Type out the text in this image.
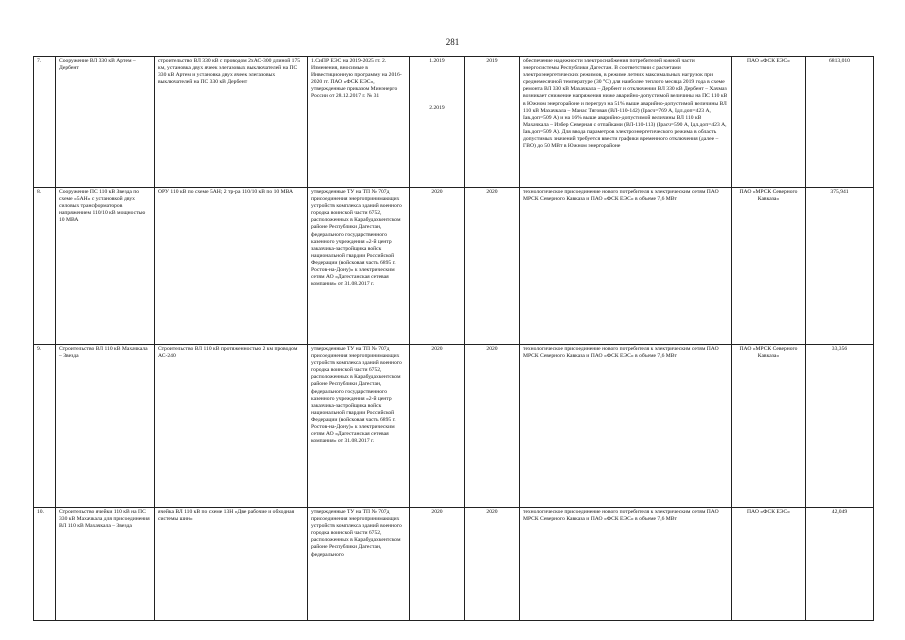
281
7.	Сооружение ВЛ 330 кВ Артем – Дербент	строительство ВЛ 330 кВ с проводом 2хАС-300 длиной 175 км, установка двух ячеек элегазовых выключателей на ПС 330 кВ Артем и установка двух ячеек элегазовых выключателей на ПС 330 кВ Дербент	1.СиПР ЕЭС на 2019-2025 гг. 2. Изменения, вносимые в Инвестиционную программу на 2016-2020 гг. ПАО «ФСК ЕЭС», утвержденные приказом Минэнерго России от 28.12.2017 г. № 31	1.2019
2.2019	2019	обеспечение надежности электроснабжения потребителей южной части энергосистемы Республики Дагестан. В соответствии с расчетами электроэнергетических режимов, в режиме летних максимальных нагрузок при среднемесячной температуре (30 °С) для наиболее теплого месяца 2019 года в схеме ремонта ВЛ 330 кВ Махачкала – Дербент и отключении ВЛ 330 кВ Дербент – Хачмаз возникает снижение напряжения ниже аварийно-допустимой величины на ПС 110 кВ в Южном энергорайоне и перегруз на 51% выше аварийно-допустимой величины ВЛ 110 кВ Махачкала – Манас Тяговая (ВЛ-110-142) (Iрасч=769 А, Iдл.доп=423 А, Iав.доп=509 А) и на 16% выше аварийно-допустимой величины ВЛ 110 кВ Махачкала – Избер Северная с отпайками (ВЛ-110-113) (Iрасч=590 А, Iдл.доп=423 А, Iав.доп=509 А). Для ввода параметров электроэнергетического режима в область допустимых значений требуется ввести графики временного отключения (далее – ГВО) до 50 МВт в Южном энергорайоне	ПАО «ФСК ЕЭС»	6813,010
8.	Сооружение ПС 110 кВ Звезда по схеме «5АН» с установкой двух силовых трансформаторов напряжением 110/10 кВ мощностью 10 МВА	ОРУ 110 кВ по схеме 5АН; 2 тр-ра 110/10 кВ по 10 МВА	утвержденные ТУ на ТП № 707д присоединения энергопринимающих устройств комплекса зданий военного городка воинской части 6752, расположенных в Карабудахкентском районе Республики Дагестан, федерального государственного казенного учреждения «2-й центр заказчика-застройщика войск национальной гвардии Российской Федерации (войсковая часть 6895 г. Ростов-на-Дону)» к электрическим сетям АО «Дагестанская сетевая компания» от 31.08.2017 г.	2020	2020	технологическое присоединение нового потребителя к электрическим сетям ПАО МРСК Северного Кавказа и ПАО «ФСК ЕЭС» в объеме 7,6 МВт	ПАО «МРСК Северного Кавказа»	375,941
9.	Строительство ВЛ 110 кВ Махачкала – Звезда	Строительство ВЛ 110 кВ протяженностью 2 км проводом АС-240	утвержденные ТУ на ТП № 707д присоединения энергопринимающих устройств комплекса зданий военного городка воинской части 6752, расположенных в Карабудахкентском районе Республики Дагестан, федерального государственного казенного учреждения «2-й центр заказчика-застройщика войск национальной гвардии Российской Федерации (войсковая часть 6895 г. Ростов-на-Дону)» к электрическим сетям АО «Дагестанская сетевая компания» от 31.08.2017 г.	2020	2020	технологическое присоединение нового потребителя к электрическим сетям ПАО МРСК Северного Кавказа и ПАО «ФСК ЕЭС» в объеме 7,6 МВт	ПАО «МРСК Северного Кавказа»	33,356
10.	Строительство ячейки 110 кВ на ПС 330 кВ Махачкала для присоединения ВЛ 110 кВ Махачкала – Звезда	ячейка ВЛ 110 кВ по схеме 13Н «Две рабочие и обходная системы шин»	утвержденные ТУ на ТП № 707д присоединения энергопринимающих устройств комплекса зданий военного городка воинской части 6752, расположенных в Карабудахкентском районе Республики Дагестан, федерального	2020	2020	технологическое присоединение нового потребителя к электрическим сетям ПАО МРСК Северного Кавказа и ПАО «ФСК ЕЭС» в объеме 7,6 МВт	ПАО «ФСК ЕЭС»	42,049
